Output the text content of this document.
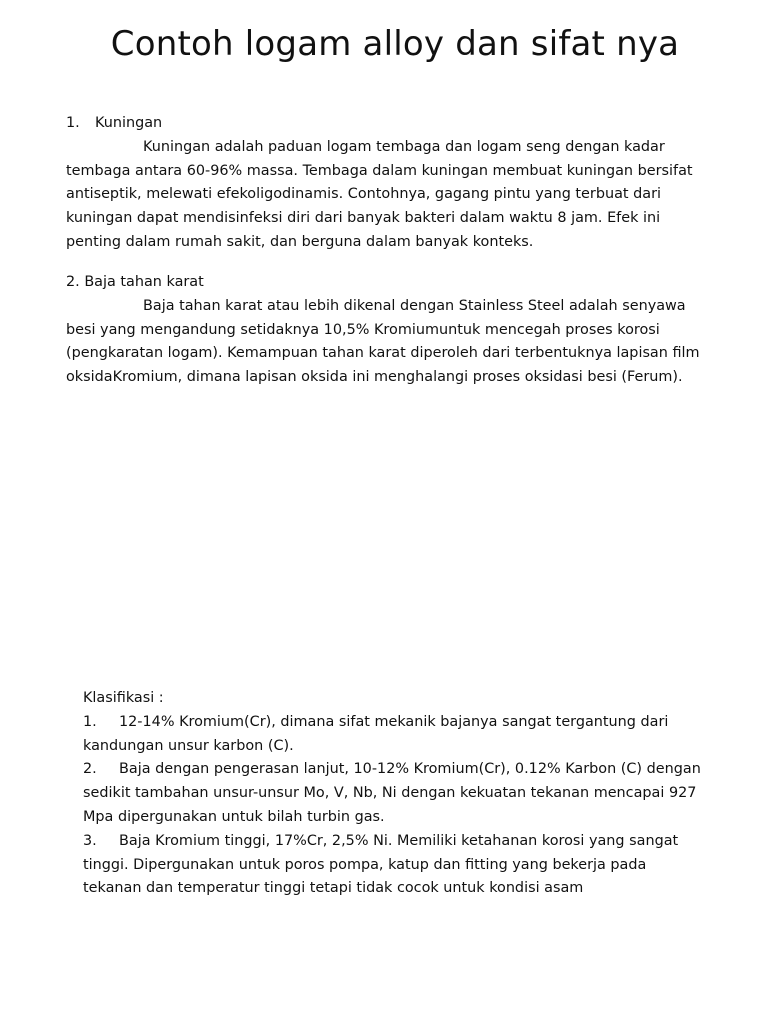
Contoh logam alloy dan sifat nya
1. Kuningan

Kuningan adalah paduan logam tembaga dan logam seng dengan kadar tembaga antara 60-96% massa. Tembaga dalam kuningan membuat kuningan bersifat antiseptik, melewati efekoligodinamis. Contohnya, gagang pintu yang terbuat dari kuningan dapat mendisinfeksi diri dari banyak bakteri dalam waktu 8 jam. Efek ini penting dalam rumah sakit, dan berguna dalam banyak konteks.

2. Baja tahan karat

Baja tahan karat atau lebih dikenal dengan Stainless Steel adalah senyawa besi yang mengandung setidaknya 10,5% Kromiumuntuk mencegah proses korosi (pengkaratan logam). Kemampuan tahan karat diperoleh dari terbentuknya lapisan film oksidaKromium, dimana lapisan oksida ini menghalangi proses oksidasi besi (Ferum).

Klasifikasi :
1. 12-14% Kromium(Cr), dimana sifat mekanik bajanya sangat tergantung dari kandungan unsur karbon (C).
2. Baja dengan pengerasan lanjut, 10-12% Kromium(Cr), 0.12% Karbon (C) dengan sedikit tambahan unsur-unsur Mo, V, Nb, Ni dengan kekuatan tekanan mencapai 927 Mpa dipergunakan untuk bilah turbin gas.
3. Baja Kromium tinggi, 17%Cr, 2,5% Ni. Memiliki ketahanan korosi yang sangat tinggi. Dipergunakan untuk poros pompa, katup dan fitting yang bekerja pada tekanan dan temperatur tinggi tetapi tidak cocok untuk kondisi asam
